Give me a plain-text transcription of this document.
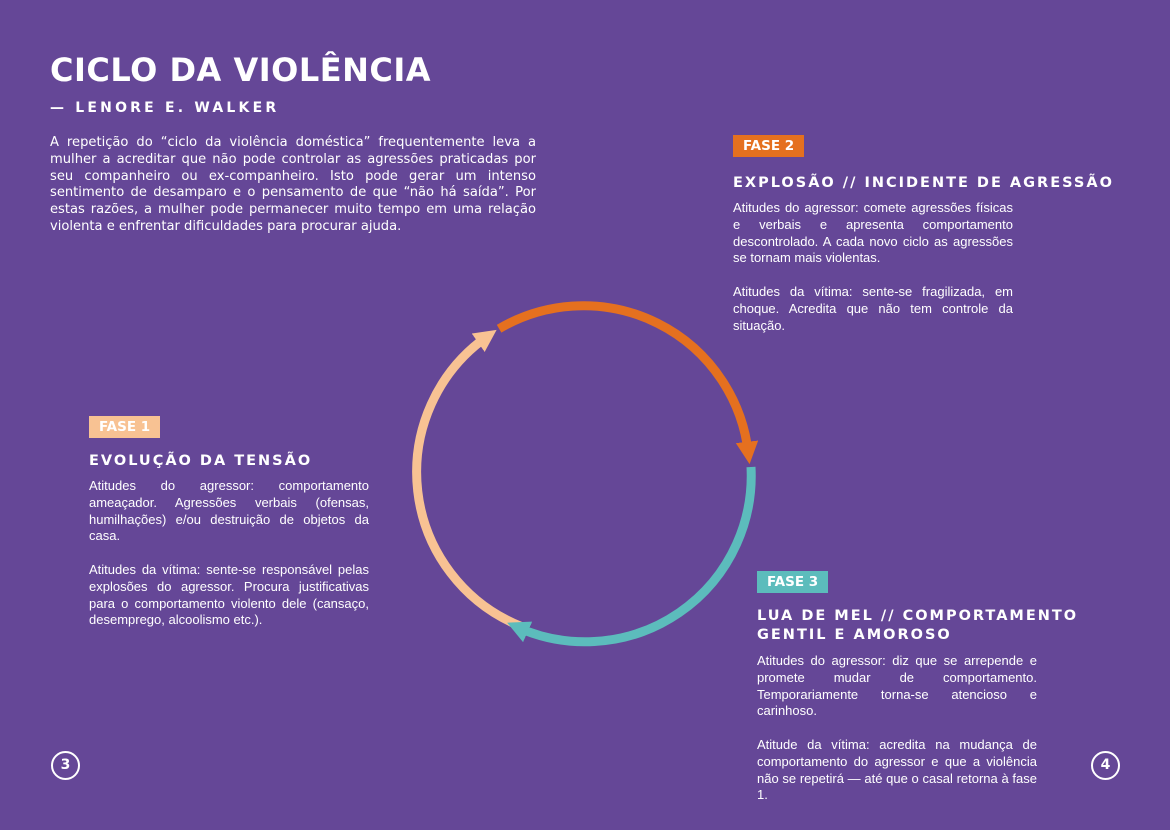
CICLO DA VIOLÊNCIA
— LENORE E. WALKER

A repetição do “ciclo da violência doméstica” frequentemente leva a mulher a acreditar que não pode controlar as agressões praticadas por seu companheiro ou ex-companheiro. Isto pode gerar um intenso sentimento de desamparo e o pensamento de que “não há saída”. Por estas razões, a mulher pode permanecer muito tempo em uma relação violenta e enfrentar dificuldades para procurar ajuda.

FASE 1
EVOLUÇÃO DA TENSÃO

Atitudes do agressor: comportamento ameaçador. Agressões verbais (ofensas, humilhações) e/ou destruição de objetos da casa.

Atitudes da vítima: sente-se responsável pelas explosões do agressor. Procura justificativas para o comportamento violento dele (cansaço, desemprego, alcoolismo etc.).

FASE 2
EXPLOSÃO // INCIDENTE DE AGRESSÃO

Atitudes do agressor: comete agressões físicas e verbais e apresenta comportamento descontrolado. A cada novo ciclo as agressões se tornam mais violentas.

Atitudes da vítima: sente-se fragilizada, em choque. Acredita que não tem controle da situação.

FASE 3
LUA DE MEL // COMPORTAMENTO GENTIL E AMOROSO

Atitudes do agressor: diz que se arrepende e promete mudar de comportamento. Temporariamente torna-se atencioso e carinhoso.

Atitude da vítima: acredita na mudança de comportamento do agressor e que a violência não se repetirá — até que o casal retorna à fase 1.

3	4
